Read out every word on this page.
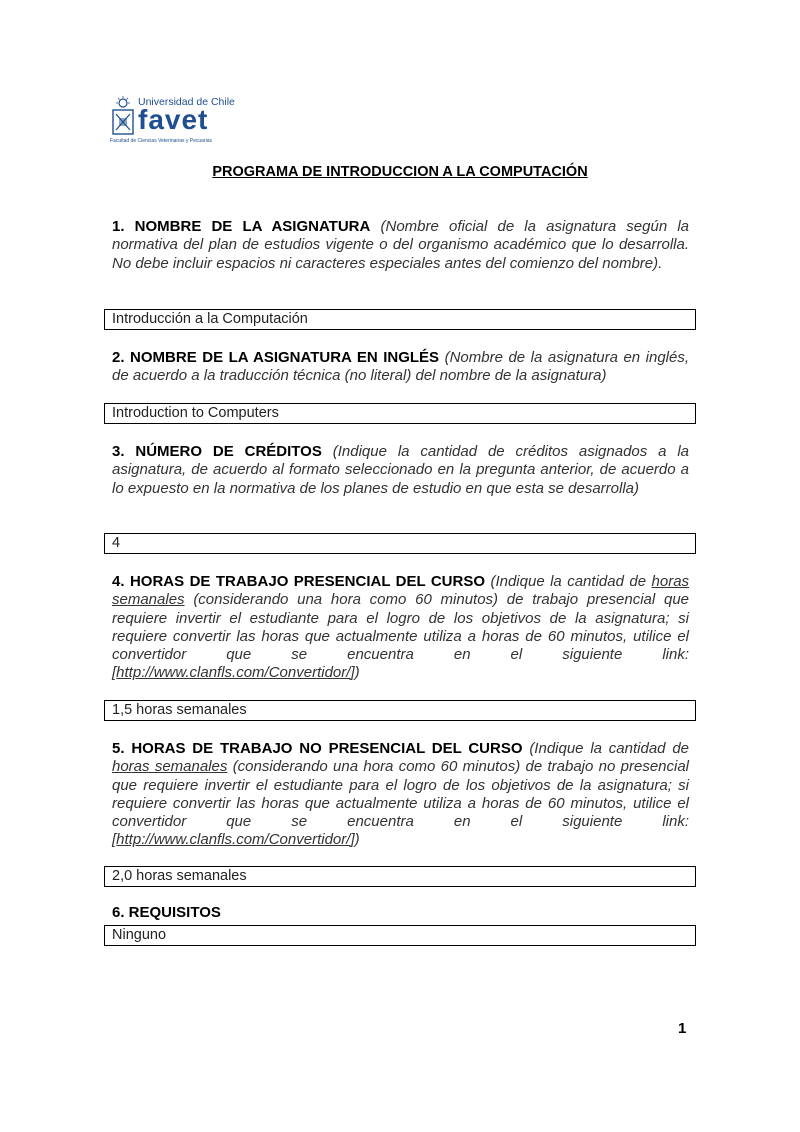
Universidad de Chile
favet
Facultad de Ciencias Veterinarias y Pecuarias
PROGRAMA DE INTRODUCCION A LA COMPUTACIÓN
1. NOMBRE DE LA ASIGNATURA (Nombre oficial de la asignatura según la normativa del plan de estudios vigente o del organismo académico que lo desarrolla. No debe incluir espacios ni caracteres especiales antes del comienzo del nombre).
Introducción a la Computación
2. NOMBRE DE LA ASIGNATURA EN INGLÉS (Nombre de la asignatura en inglés, de acuerdo a la traducción técnica (no literal) del nombre de la asignatura)
Introduction to Computers
3. NÚMERO DE CRÉDITOS (Indique la cantidad de créditos asignados a la asignatura, de acuerdo al formato seleccionado en la pregunta anterior, de acuerdo a lo expuesto en la normativa de los planes de estudio en que esta se desarrolla)
4
4. HORAS DE TRABAJO PRESENCIAL DEL CURSO (Indique la cantidad de horas semanales (considerando una hora como 60 minutos) de trabajo presencial que requiere invertir el estudiante para el logro de los objetivos de la asignatura; si requiere convertir las horas que actualmente utiliza a horas de 60 minutos, utilice el convertidor que se encuentra en el siguiente link: [http://www.clanfls.com/Convertidor/])
1,5 horas semanales
5. HORAS DE TRABAJO NO PRESENCIAL DEL CURSO (Indique la cantidad de horas semanales (considerando una hora como 60 minutos) de trabajo no presencial que requiere invertir el estudiante para el logro de los objetivos de la asignatura; si requiere convertir las horas que actualmente utiliza a horas de 60 minutos, utilice el convertidor que se encuentra en el siguiente link: [http://www.clanfls.com/Convertidor/])
2,0 horas semanales
6. REQUISITOS
Ninguno
1
